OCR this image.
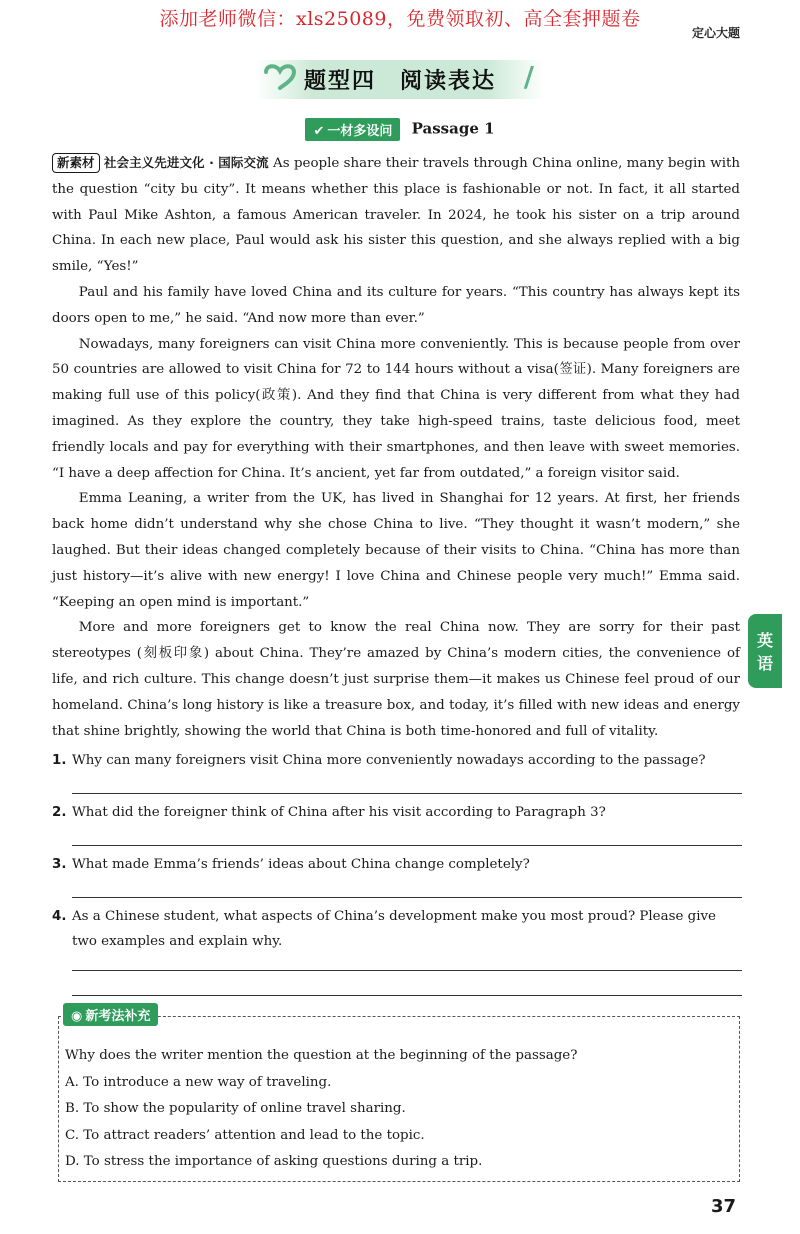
添加老师微信：xls25089，免费领取初、高全套押题卷
定心大题
题型四　阅读表达 /
✔ 一材多设问 Passage 1

新素材 社会主义先进文化 · 国际交流 As people share their travels through China online, many begin with the question “city bu city”. It means whether this place is fashionable or not. In fact, it all started with Paul Mike Ashton, a famous American traveler. In 2024, he took his sister on a trip around China. In each new place, Paul would ask his sister this question, and she always replied with a big smile, “Yes!”

Paul and his family have loved China and its culture for years. “This country has always kept its doors open to me,” he said. “And now more than ever.”

Nowadays, many foreigners can visit China more conveniently. This is because people from over 50 countries are allowed to visit China for 72 to 144 hours without a visa(签证). Many foreigners are making full use of this policy(政策). And they find that China is very different from what they had imagined. As they explore the country, they take high-speed trains, taste delicious food, meet friendly locals and pay for everything with their smartphones, and then leave with sweet memories. “I have a deep affection for China. It’s ancient, yet far from outdated,” a foreign visitor said.

Emma Leaning, a writer from the UK, has lived in Shanghai for 12 years. At first, her friends back home didn’t understand why she chose China to live. “They thought it wasn’t modern,” she laughed. But their ideas changed completely because of their visits to China. “China has more than just history—it’s alive with new energy! I love China and Chinese people very much!” Emma said. “Keeping an open mind is important.”

More and more foreigners get to know the real China now. They are sorry for their past stereotypes (刻板印象) about China. They’re amazed by China’s modern cities, the convenience of life, and rich culture. This change doesn’t just surprise them—it makes us Chinese feel proud of our homeland. China’s long history is like a treasure box, and today, it’s filled with new ideas and energy that shine brightly, showing the world that China is both time-honored and full of vitality.

英
语
1. Why can many foreigners visit China more conveniently nowadays according to the passage?
2. What did the foreigner think of China after his visit according to Paragraph 3?
3. What made Emma’s friends’ ideas about China change completely?
4. As a Chinese student, what aspects of China’s development make you most proud? Please give two examples and explain why.
◉ 新考法补充
Why does the writer mention the question at the beginning of the passage?
A. To introduce a new way of traveling.
B. To show the popularity of online travel sharing.
C. To attract readers’ attention and lead to the topic.
D. To stress the importance of asking questions during a trip.
37
